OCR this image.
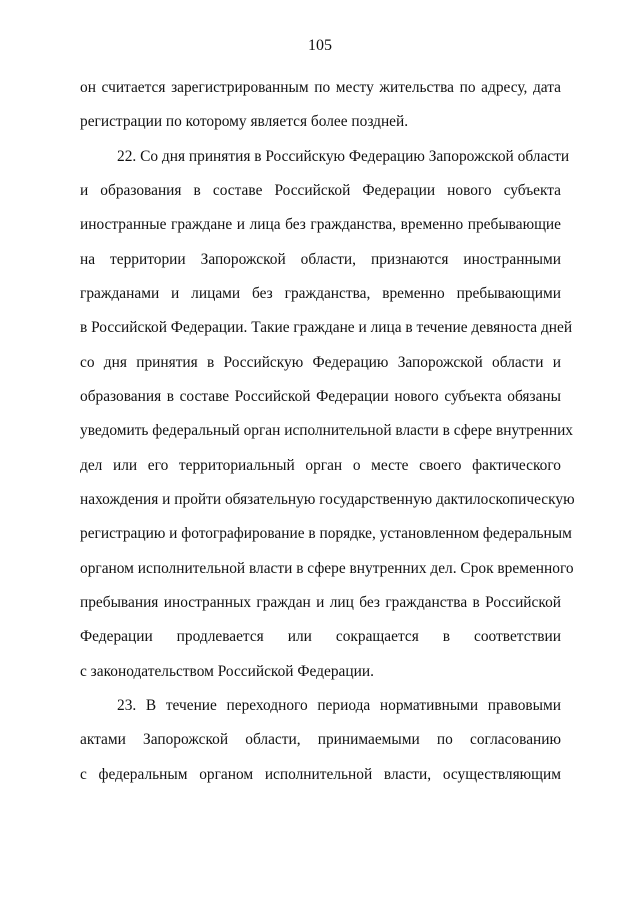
105
он считается зарегистрированным по месту жительства по адресу, дата
регистрации по которому является более поздней.
22. Со дня принятия в Российскую Федерацию Запорожской области
и образования в составе Российской Федерации нового субъекта
иностранные граждане и лица без гражданства, временно пребывающие
на территории Запорожской области, признаются иностранными
гражданами и лицами без гражданства, временно пребывающими
в Российской Федерации. Такие граждане и лица в течение девяноста дней
со дня принятия в Российскую Федерацию Запорожской области и
образования в составе Российской Федерации нового субъекта обязаны
уведомить федеральный орган исполнительной власти в сфере внутренних
дел или его территориальный орган о месте своего фактического
нахождения и пройти обязательную государственную дактилоскопическую
регистрацию и фотографирование в порядке, установленном федеральным
органом исполнительной власти в сфере внутренних дел. Срок временного
пребывания иностранных граждан и лиц без гражданства в Российской
Федерации продлевается или сокращается в соответствии
с законодательством Российской Федерации.
23. В течение переходного периода нормативными правовыми
актами Запорожской области, принимаемыми по согласованию
с федеральным органом исполнительной власти, осуществляющим
